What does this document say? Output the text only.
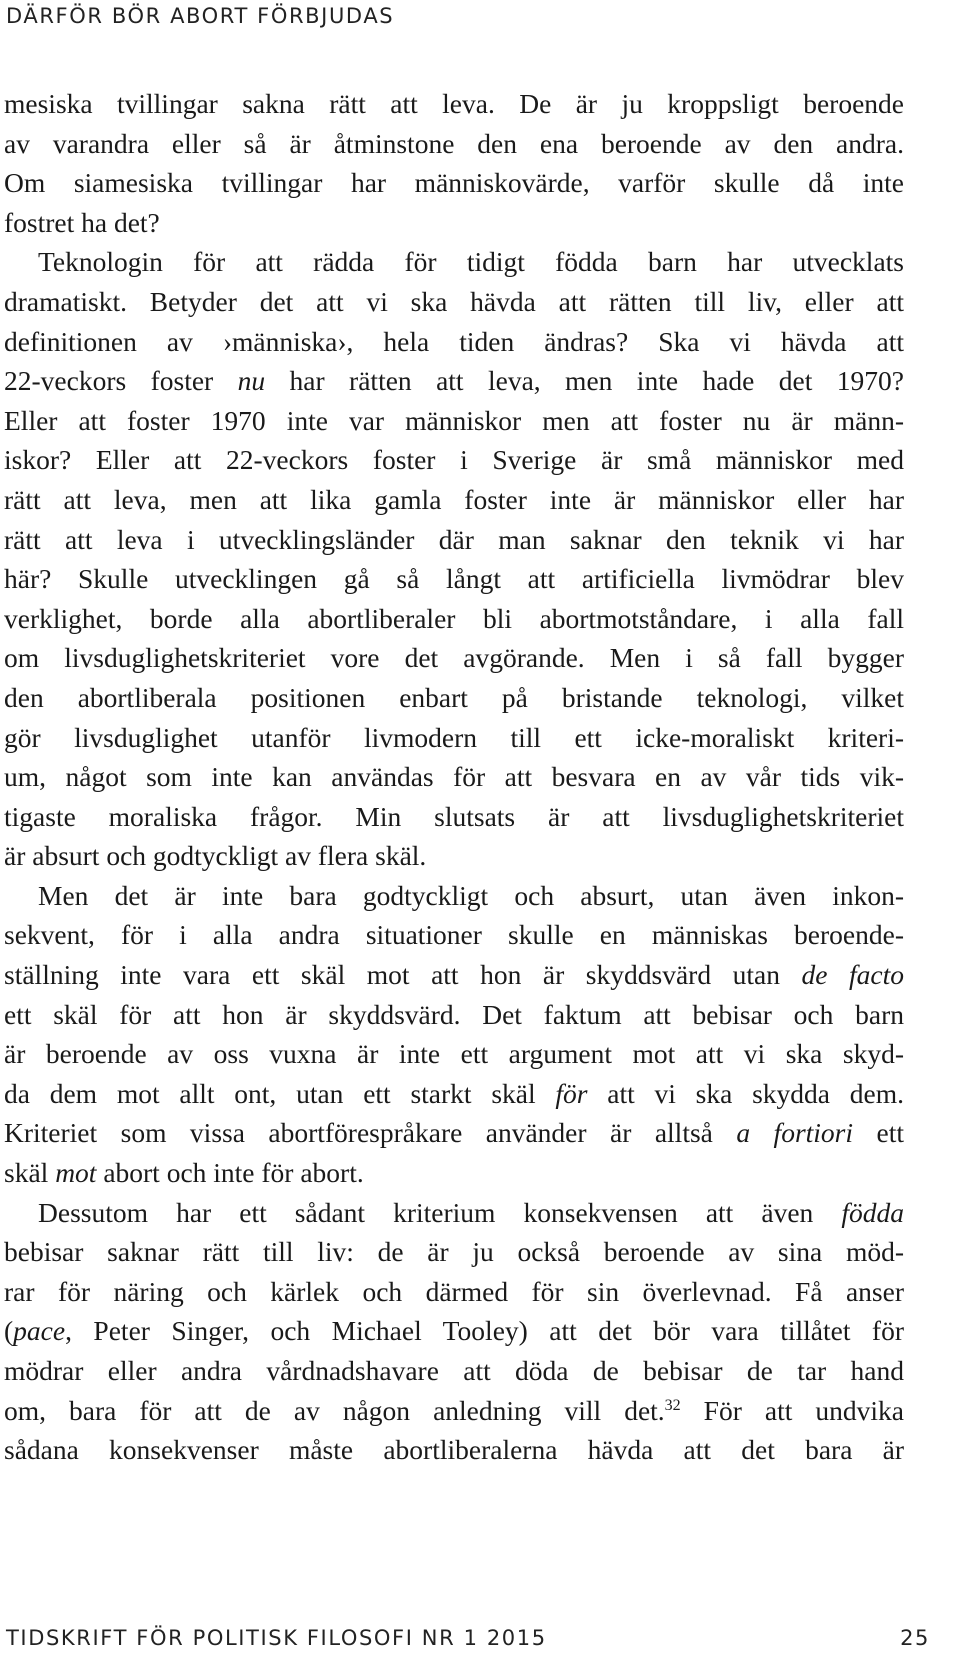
DÄRFÖR BÖR ABORT FÖRBJUDAS
mesiska tvillingar sakna rätt att leva. De är ju kroppsligt beroende
av varandra eller så är åtminstone den ena beroende av den andra.
Om siamesiska tvillingar har människovärde, varför skulle då inte
fostret ha det?
Teknologin för att rädda för tidigt födda barn har utvecklats
dramatiskt. Betyder det att vi ska hävda att rätten till liv, eller att
definitionen av ›människa›, hela tiden ändras? Ska vi hävda att
22-veckors foster nu har rätten att leva, men inte hade det 1970?
Eller att foster 1970 inte var människor men att foster nu är männ-
iskor? Eller att 22-veckors foster i Sverige är små människor med
rätt att leva, men att lika gamla foster inte är människor eller har
rätt att leva i utvecklingsländer där man saknar den teknik vi har
här? Skulle utvecklingen gå så långt att artificiella livmödrar blev
verklighet, borde alla abortliberaler bli abortmotståndare, i alla fall
om livsduglighetskriteriet vore det avgörande. Men i så fall bygger
den abortliberala positionen enbart på bristande teknologi, vilket
gör livsduglighet utanför livmodern till ett icke-moraliskt kriteri-
um, något som inte kan användas för att besvara en av vår tids vik-
tigaste moraliska frågor. Min slutsats är att livsduglighetskriteriet
är absurt och godtyckligt av flera skäl.
Men det är inte bara godtyckligt och absurt, utan även inkon-
sekvent, för i alla andra situationer skulle en människas beroende-
ställning inte vara ett skäl mot att hon är skyddsvärd utan de facto
ett skäl för att hon är skyddsvärd. Det faktum att bebisar och barn
är beroende av oss vuxna är inte ett argument mot att vi ska skyd-
da dem mot allt ont, utan ett starkt skäl för att vi ska skydda dem.
Kriteriet som vissa abortförespråkare använder är alltså a fortiori ett
skäl mot abort och inte för abort.
Dessutom har ett sådant kriterium konsekvensen att även födda
bebisar saknar rätt till liv: de är ju också beroende av sina möd-
rar för näring och kärlek och därmed för sin överlevnad. Få anser
(pace, Peter Singer, och Michael Tooley) att det bör vara tillåtet för
mödrar eller andra vårdnadshavare att döda de bebisar de tar hand
om, bara för att de av någon anledning vill det.$^{32}$ För att undvika
sådana konsekvenser måste abortliberalerna hävda att det bara är
TIDSKRIFT FÖR POLITISK FILOSOFI NR 1 2015	25
